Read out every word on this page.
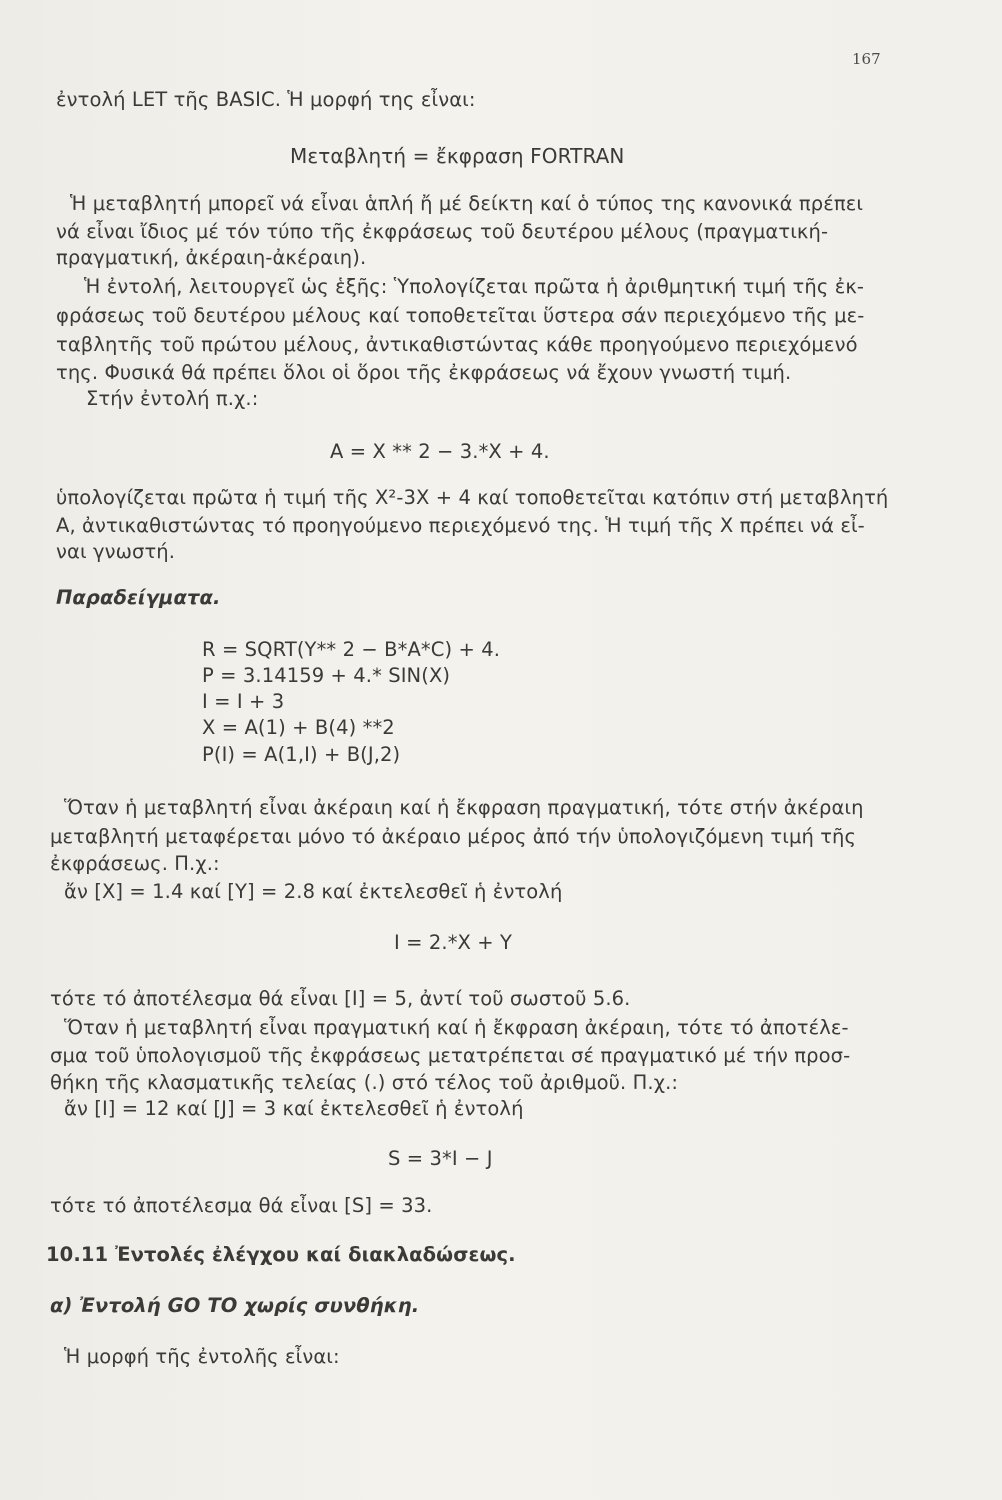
167
ἐντολή LET τῆς BASIC. Ἡ μορφή της εἶναι:
Μεταβλητή = ἔκφραση FORTRAN
Ἡ μεταβλητή μπορεῖ νά εἶναι ἁπλή ἤ μέ δείκτη καί ὁ τύπος της κανονικά πρέπει
νά εἶναι ἴδιος μέ τόν τύπο τῆς ἐκφράσεως τοῦ δευτέρου μέλους (πραγματική-
πραγματική, ἀκέραιη-ἀκέραιη).
Ἡ ἐντολή, λειτουργεῖ ὡς ἑξῆς: Ὑπολογίζεται πρῶτα ἡ ἀριθμητική τιμή τῆς ἐκ-
φράσεως τοῦ δευτέρου μέλους καί τοποθετεῖται ὕστερα σάν περιεχόμενο τῆς με-
ταβλητῆς τοῦ πρώτου μέλους, ἀντικαθιστώντας κάθε προηγούμενο περιεχόμενό
της. Φυσικά θά πρέπει ὅλοι οἱ ὅροι τῆς ἐκφράσεως νά ἔχουν γνωστή τιμή.
Στήν ἐντολή π.χ.:
A = X ** 2 − 3.*X + 4.
ὑπολογίζεται πρῶτα ἡ τιμή τῆς X²-3X + 4 καί τοποθετεῖται κατόπιν στή μεταβλητή
A, ἀντικαθιστώντας τό προηγούμενο περιεχόμενό της. Ἡ τιμή τῆς X πρέπει νά εἶ-
ναι γνωστή.
Παραδείγματα.
R = SQRT(Y** 2 − B*A*C) + 4.
P = 3.14159 + 4.* SIN(X)
I = I + 3
X = A(1) + B(4) **2
P(I) = A(1,I) + B(J,2)
Ὅταν ἡ μεταβλητή εἶναι ἀκέραιη καί ἡ ἔκφραση πραγματική, τότε στήν ἀκέραιη
μεταβλητή μεταφέρεται μόνο τό ἀκέραιο μέρος ἀπό τήν ὑπολογιζόμενη τιμή τῆς
ἐκφράσεως. Π.χ.:
ἄν [X] = 1.4 καί [Y] = 2.8 καί ἐκτελεσθεῖ ἡ ἐντολή
I = 2.*X + Y
τότε τό ἀποτέλεσμα θά εἶναι [I] = 5, ἀντί τοῦ σωστοῦ 5.6.
Ὅταν ἡ μεταβλητή εἶναι πραγματική καί ἡ ἔκφραση ἀκέραιη, τότε τό ἀποτέλε-
σμα τοῦ ὑπολογισμοῦ τῆς ἐκφράσεως μετατρέπεται σέ πραγματικό μέ τήν προσ-
θήκη τῆς κλασματικῆς τελείας (.) στό τέλος τοῦ ἀριθμοῦ. Π.χ.:
ἄν [I] = 12 καί [J] = 3 καί ἐκτελεσθεῖ ἡ ἐντολή
S = 3*I − J
τότε τό ἀποτέλεσμα θά εἶναι [S] = 33.
10.11 Ἐντολές ἐλέγχου καί διακλαδώσεως.
α) Ἐντολή GO TO χωρίς συνθήκη.
Ἡ μορφή τῆς ἐντολῆς εἶναι:
